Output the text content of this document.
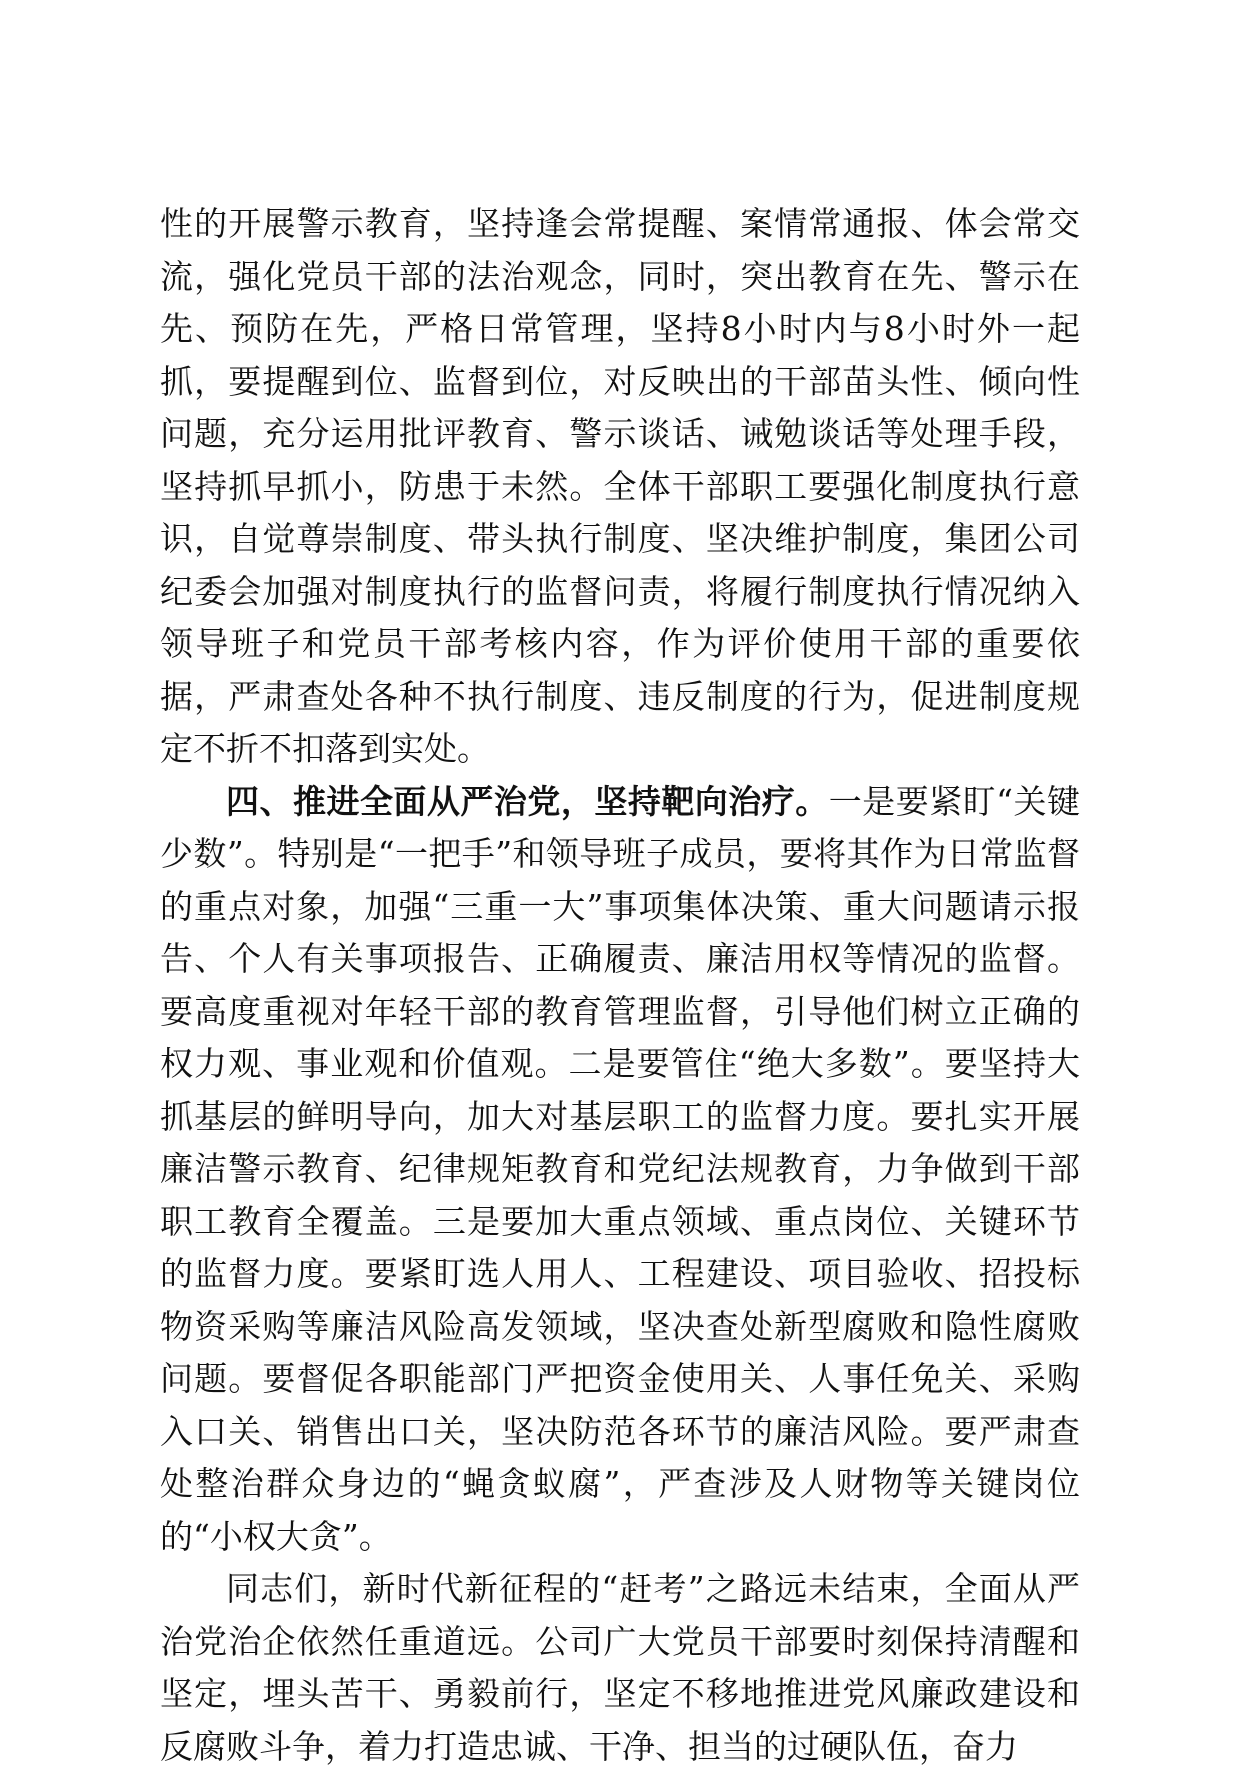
性的开展警示教育，坚持逢会常提醒、案情常通报、体会常交流，强化党员干部的法治观念，同时，突出教育在先、警示在先、预防在先，严格日常管理，坚持8小时内与8小时外一起抓，要提醒到位、监督到位，对反映出的干部苗头性、倾向性问题，充分运用批评教育、警示谈话、诫勉谈话等处理手段，坚持抓早抓小，防患于未然。全体干部职工要强化制度执行意识，自觉尊崇制度、带头执行制度、坚决维护制度，集团公司纪委会加强对制度执行的监督问责，将履行制度执行情况纳入领导班子和党员干部考核内容，作为评价使用干部的重要依据，严肃查处各种不执行制度、违反制度的行为，促进制度规定不折不扣落到实处。

四、推进全面从严治党，坚持靶向治疗。一是要紧盯“关键少数”。特别是“一把手”和领导班子成员，要将其作为日常监督的重点对象，加强“三重一大”事项集体决策、重大问题请示报告、个人有关事项报告、正确履责、廉洁用权等情况的监督。要高度重视对年轻干部的教育管理监督，引导他们树立正确的权力观、事业观和价值观。二是要管住“绝大多数”。要坚持大抓基层的鲜明导向，加大对基层职工的监督力度。要扎实开展廉洁警示教育、纪律规矩教育和党纪法规教育，力争做到干部职工教育全覆盖。三是要加大重点领域、重点岗位、关键环节的监督力度。要紧盯选人用人、工程建设、项目验收、招投标物资采购等廉洁风险高发领域，坚决查处新型腐败和隐性腐败问题。要督促各职能部门严把资金使用关、人事任免关、采购入口关、销售出口关，坚决防范各环节的廉洁风险。要严肃查处整治群众身边的“蝇贪蚁腐”，严查涉及人财物等关键岗位的“小权大贪”。

同志们，新时代新征程的“赶考”之路远未结束，全面从严治党治企依然任重道远。公司广大党员干部要时刻保持清醒和坚定，埋头苦干、勇毅前行，坚定不移地推进党风廉政建设和反腐败斗争，着力打造忠诚、干净、担当的过硬队伍，奋力
